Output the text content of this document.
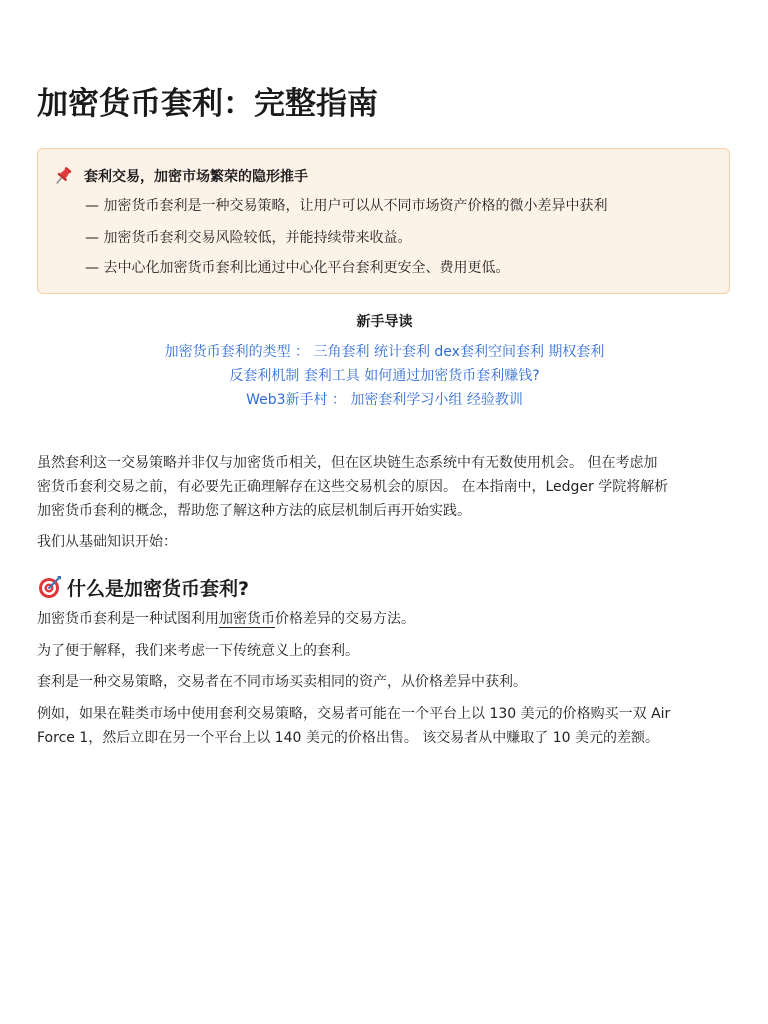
加密货币套利：完整指南
套利交易，加密市场繁荣的隐形推手
— 加密货币套利是一种交易策略，让用户可以从不同市场资产价格的微小差异中获利
— 加密货币套利交易风险较低，并能持续带来收益。
— 去中心化加密货币套利比通过中心化平台套利更安全、费用更低。
新手导读
加密货币套利的类型 ： 三角套利 统计套利 dex套利空间套利 期权套利
反套利机制 套利工具 如何通过加密货币套利赚钱?
Web3新手村 ： 加密套利学习小组 经验教训
虽然套利这一交易策略并非仅与加密货币相关，但在区块链生态系统中有无数使用机会。 但在考虑加
密货币套利交易之前，有必要先正确理解存在这些交易机会的原因。 在本指南中，Ledger 学院将解析
加密货币套利的概念，帮助您了解这种方法的底层机制后再开始实践。
我们从基础知识开始：
什么是加密货币套利?
加密货币套利是一种试图利用加密货币价格差异的交易方法。
为了便于解释，我们来考虑一下传统意义上的套利。
套利是一种交易策略，交易者在不同市场买卖相同的资产，从价格差异中获利。
例如，如果在鞋类市场中使用套利交易策略，交易者可能在一个平台上以 130 美元的价格购买一双 Air
Force 1，然后立即在另一个平台上以 140 美元的价格出售。 该交易者从中赚取了 10 美元的差额。
